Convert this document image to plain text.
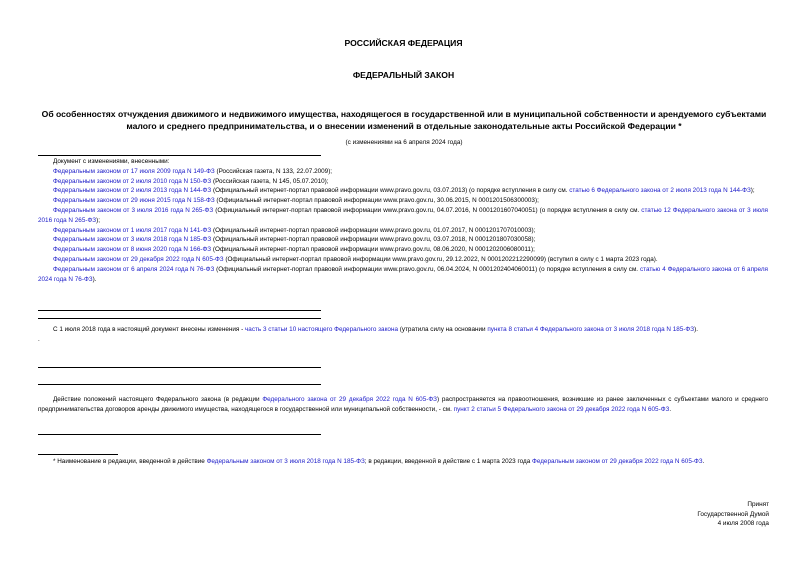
РОССИЙСКАЯ ФЕДЕРАЦИЯ
ФЕДЕРАЛЬНЫЙ ЗАКОН
Об особенностях отчуждения движимого и недвижимого имущества, находящегося в государственной или в муниципальной собственности и арендуемого субъектами малого и среднего предпринимательства, и о внесении изменений в отдельные законодательные акты Российской Федерации *
(с изменениями на 6 апреля 2024 года)

Документ с изменениями, внесенными:

Федеральным законом от 17 июля 2009 года N 149-ФЗ (Российская газета, N 133, 22.07.2009);

Федеральным законом от 2 июля 2010 года N 150-ФЗ (Российская газета, N 145, 05.07.2010);

Федеральным законом от 2 июля 2013 года N 144-ФЗ (Официальный интернет-портал правовой информации www.pravo.gov.ru, 03.07.2013) (о порядке вступления в силу см. статью 6 Федерального закона от 2 июля 2013 года N 144-ФЗ);

Федеральным законом от 29 июня 2015 года N 158-ФЗ (Официальный интернет-портал правовой информации www.pravo.gov.ru, 30.06.2015, N 0001201506300003);

Федеральным законом от 3 июля 2016 года N 265-ФЗ (Официальный интернет-портал правовой информации www.pravo.gov.ru, 04.07.2016, N 0001201607040051) (о порядке вступления в силу см. статью 12 Федерального закона от 3 июля 2016 года N 265-ФЗ);

Федеральным законом от 1 июля 2017 года N 141-ФЗ (Официальный интернет-портал правовой информации www.pravo.gov.ru, 01.07.2017, N 0001201707010003);

Федеральным законом от 3 июля 2018 года N 185-ФЗ (Официальный интернет-портал правовой информации www.pravo.gov.ru, 03.07.2018, N 0001201807030058);

Федеральным законом от 8 июня 2020 года N 166-ФЗ (Официальный интернет-портал правовой информации www.pravo.gov.ru, 08.06.2020, N 0001202006080011);

Федеральным законом от 29 декабря 2022 года N 605-ФЗ (Официальный интернет-портал правовой информации www.pravo.gov.ru, 29.12.2022, N 0001202212290099) (вступил в силу с 1 марта 2023 года).

Федеральным законом от 6 апреля 2024 года N 76-ФЗ (Официальный интернет-портал правовой информации www.pravo.gov.ru, 06.04.2024, N 0001202404060011) (о порядке вступления в силу см. статью 4 Федерального закона от 6 апреля 2024 года N 76-ФЗ).

С 1 июля 2018 года в настоящий документ внесены изменения - часть 3 статьи 10 настоящего Федерального закона (утратила силу на основании пункта 8 статьи 4 Федерального закона от 3 июля 2018 года N 185-ФЗ).

.

Действие положений настоящего Федерального закона (в редакции Федерального закона от 29 декабря 2022 года N 605-ФЗ) распространяется на правоотношения, возникшие из ранее заключенных с субъектами малого и среднего предпринимательства договоров аренды движимого имущества, находящегося в государственной или муниципальной собственности, - см. пункт 2 статьи 5 Федерального закона от 29 декабря 2022 года N 605-ФЗ.

* Наименование в редакции, введенной в действие Федеральным законом от 3 июля 2018 года N 185-ФЗ; в редакции, введенной в действие с 1 марта 2023 года Федеральным законом от 29 декабря 2022 года N 605-ФЗ.

Принят
Государственной Думой
4 июля 2008 года
